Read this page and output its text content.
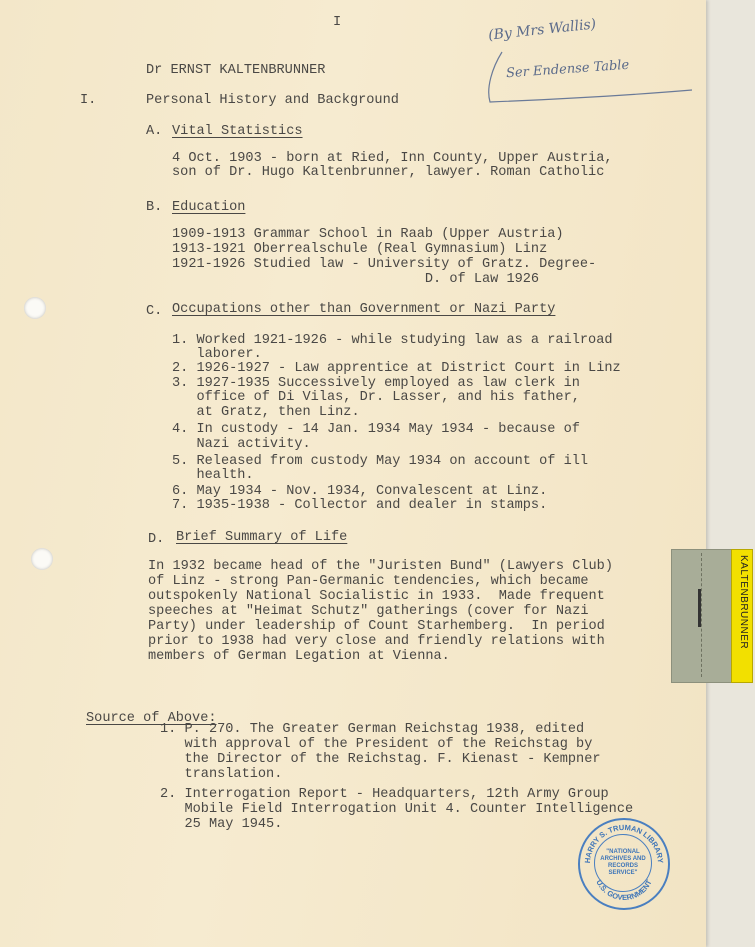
I	(By Mrs Wallis)
Ser Endense Table
Dr ERNST KALTENBRUNNER
I.	Personal History and Background
A. Vital Statistics
4 Oct. 1903 - born at Ried, Inn County, Upper Austria,
son of Dr. Hugo Kaltenbrunner, lawyer. Roman Catholic
B. Education
1909-1913 Grammar School in Raab (Upper Austria)
1913-1921 Oberrealschule (Real Gymnasium) Linz
1921-1926 Studied law - University of Gratz. Degree-
D. of Law 1926
C. Occupations other than Government or Nazi Party
1. Worked 1921-1926 - while studying law as a railroad
laborer.
2. 1926-1927 - Law apprentice at District Court in Linz
3. 1927-1935 Successively employed as law clerk in
office of Di Vilas, Dr. Lasser, and his father,
at Gratz, then Linz.
4. In custody - 14 Jan. 1934 May 1934 - because of
Nazi activity.
5. Released from custody May 1934 on account of ill
health.
6. May 1934 - Nov. 1934, Convalescent at Linz.
7. 1935-1938 - Collector and dealer in stamps.
D. Brief Summary of Life
In 1932 became head of the "Juristen Bund" (Lawyers Club)
of Linz - strong Pan-Germanic tendencies, which became
outspokenly National Socialistic in 1933.  Made frequent
speeches at "Heimat Schutz" gatherings (cover for Nazi
Party) under leadership of Count Starhemberg.  In period
prior to 1938 had very close and friendly relations with
members of German Legation at Vienna.
Source of Above:
1. P. 270. The Greater German Reichstag 1938, edited
with approval of the President of the Reichstag by
the Director of the Reichstag. F. Kienast - Kempner
translation.
2. Interrogation Report - Headquarters, 12th Army Group
Mobile Field Interrogation Unit 4. Counter Intelligence
25 May 1945.
HARRY S. TRUMAN LIBRARY
U.S. GOVERNMENT
"NATIONAL ARCHIVES AND RECORDS SERVICE"
KALTENBRUNNER
